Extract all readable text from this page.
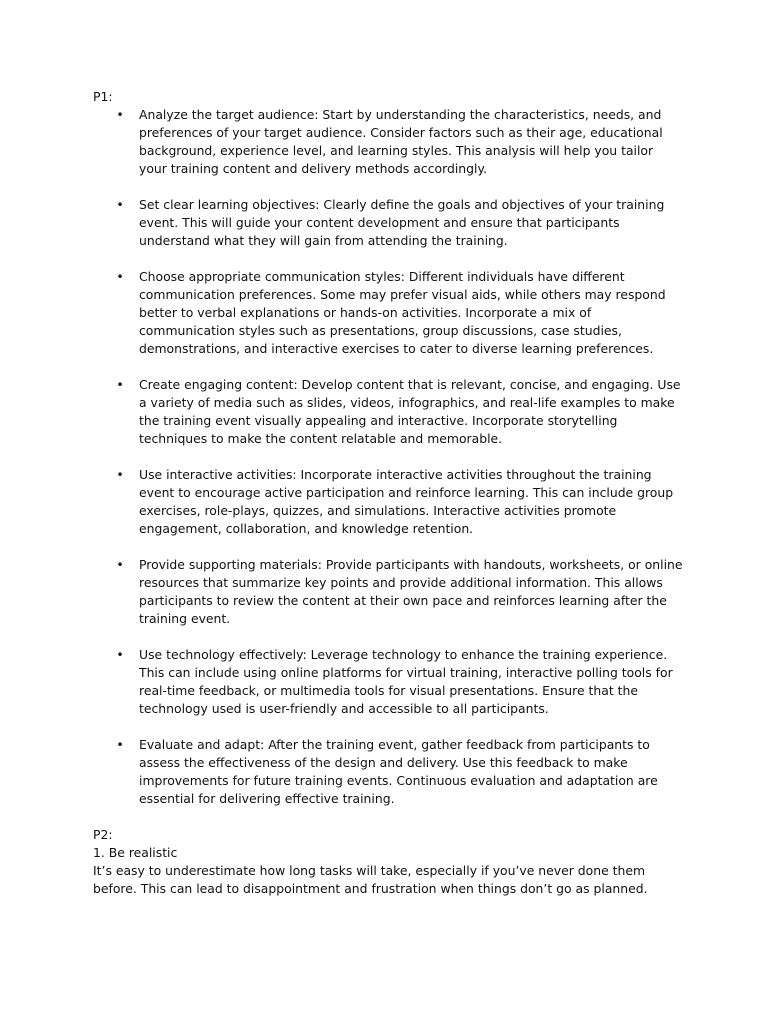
P1:

• Analyze the target audience: Start by understanding the characteristics, needs, and preferences of your target audience. Consider factors such as their age, educational background, experience level, and learning styles. This analysis will help you tailor your training content and delivery methods accordingly.
• Set clear learning objectives: Clearly define the goals and objectives of your training event. This will guide your content development and ensure that participants understand what they will gain from attending the training.
• Choose appropriate communication styles: Different individuals have different communication preferences. Some may prefer visual aids, while others may respond better to verbal explanations or hands-on activities. Incorporate a mix of communication styles such as presentations, group discussions, case studies, demonstrations, and interactive exercises to cater to diverse learning preferences.
• Create engaging content: Develop content that is relevant, concise, and engaging. Use a variety of media such as slides, videos, infographics, and real-life examples to make the training event visually appealing and interactive. Incorporate storytelling techniques to make the content relatable and memorable.
• Use interactive activities: Incorporate interactive activities throughout the training event to encourage active participation and reinforce learning. This can include group exercises, role-plays, quizzes, and simulations. Interactive activities promote engagement, collaboration, and knowledge retention.
• Provide supporting materials: Provide participants with handouts, worksheets, or online resources that summarize key points and provide additional information. This allows participants to review the content at their own pace and reinforces learning after the training event.
• Use technology effectively: Leverage technology to enhance the training experience. This can include using online platforms for virtual training, interactive polling tools for real-time feedback, or multimedia tools for visual presentations. Ensure that the technology used is user-friendly and accessible to all participants.
• Evaluate and adapt: After the training event, gather feedback from participants to assess the effectiveness of the design and delivery. Use this feedback to make improvements for future training events. Continuous evaluation and adaptation are essential for delivering effective training.

P2:

1. Be realistic

It’s easy to underestimate how long tasks will take, especially if you’ve never done them before. This can lead to disappointment and frustration when things don’t go as planned.
